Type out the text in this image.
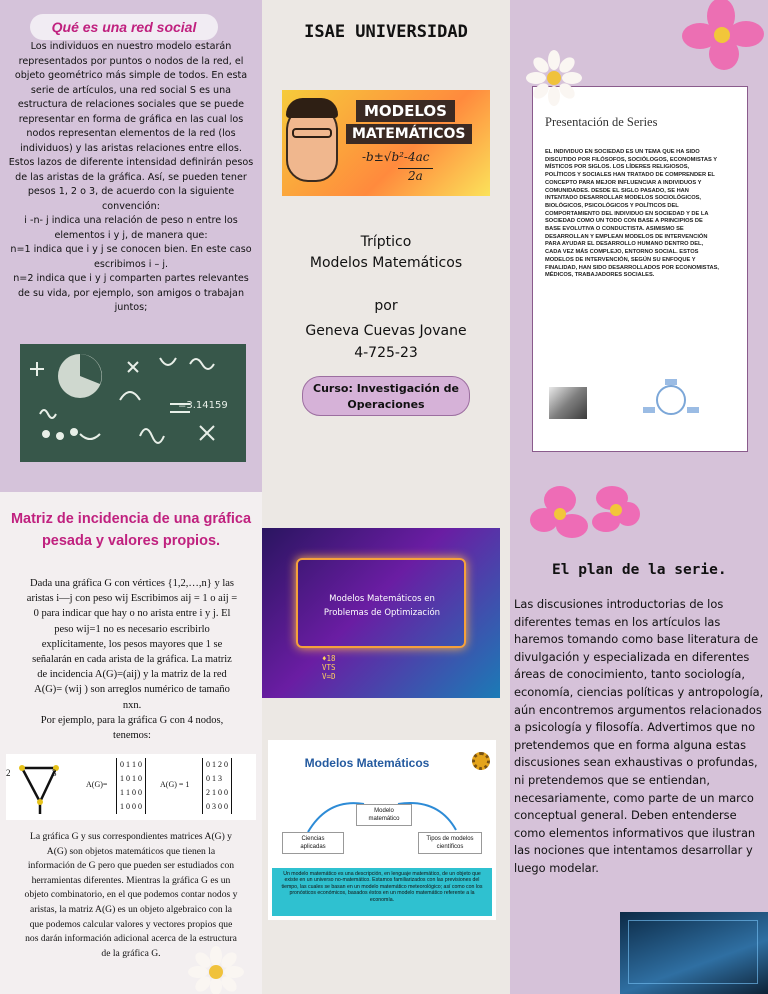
Qué es una red social
Los individuos en nuestro modelo estarán
representados por puntos o nodos de la red, el
objeto geométrico más simple de todos. En esta
serie de artículos, una red social S es una
estructura de relaciones sociales que se puede
representar en forma de gráfica en las cual los
nodos representan elementos de la red (los
individuos) y las aristas relaciones entre ellos.
Estos lazos de diferente intensidad definirán pesos
de las aristas de la gráfica. Así, se pueden tener
pesos 1, 2 o 3, de acuerdo con la siguiente
convención:
i -n- j indica una relación de peso n entre los
elementos i y j, de manera que:
n=1 indica que i y j se conocen bien. En este caso
escribimos i – j.
n=2 indica que i y j comparten partes relevantes
de su vida, por ejemplo, son amigos o trabajan
juntos;
=3.14159
Matriz de incidencia de una gráfica
pesada y valores propios.
Dada una gráfica G con vértices {1,2,…,n} y las
aristas i—j con peso wij Escribimos aij = 1 o aij =
0 para indicar que hay o no arista entre i y j. El
peso wij=1 no es necesario escribirlo
explícitamente, los pesos mayores que 1 se
señalarán en cada arista de la gráfica. La matriz
de incidencia A(G)=(aij) y la matriz de la red
A(G)= (wij ) son arreglos numérico de tamaño
nxn.
Por ejemplo, para la gráfica G con 4 nodos,
tenemos:
2	3
A(G)=
0 1 1 0
1 0 1 0
1 1 0 0
1 0 0 0
A(G) = 1
0 1 2 0
0 1 3
2 1 0 0
0 3 0 0
La gráfica G y sus correspondientes matrices A(G) y
A(G) son objetos matemáticos que tienen la
información de G pero que pueden ser estudiados con
herramientas diferentes. Mientras la gráfica G es un
objeto combinatorio, en el que podemos contar nodos y
aristas, la matriz A(G) es un objeto algebraico con la
que podemos calcular valores y vectores propios que
nos darán información adicional acerca de la estructura
de la gráfica G.
ISAE UNIVERSIDAD
MODELOS
MATEMÁTICOS
-b±√b²-4ac
2a
Tríptico
Modelos Matemáticos
por
Geneva Cuevas Jovane
4-725-23
Curso: Investigación de
Operaciones
Modelos Matemáticos en
Problemas de Optimización
♦18
VTS
V=D
Modelos Matemáticos
Modelo
matemático
Ciencias
aplicadas
Tipos de modelos
científicos
Un modelo matemático es una descripción, en lenguaje matemático, de un objeto que existe en un universo no-matemático. Estamos familiarizados con las previsiones del tiempo, las cuales se basan en un modelo matemático meteorológico; así como con los pronósticos económicos, basados éstos en un modelo matemático referente a la economía.
Presentación de Series
EL INDIVIDUO EN SOCIEDAD ES UN TEMA QUE HA SIDO DISCUTIDO POR FILÓSOFOS, SOCIÓLOGOS, ECONOMISTAS Y MÍSTICOS POR SIGLOS. LOS LÍDERES RELIGIOSOS, POLÍTICOS Y SOCIALES HAN TRATADO DE COMPRENDER EL CONCEPTO PARA MEJOR INFLUENCIAR A INDIVIDUOS Y COMUNIDADES. DESDE EL SIGLO PASADO, SE HAN INTENTADO DESARROLLAR MODELOS SOCIOLÓGICOS, BIOLÓGICOS, PSICOLÓGICOS Y POLÍTICOS DEL COMPORTAMIENTO DEL INDIVIDUO EN SOCIEDAD Y DE LA SOCIEDAD COMO UN TODO CON BASE A PRINCIPIOS DE BASE EVOLUTIVA O CONDUCTISTA. ASIMISMO SE DESARROLLAN Y EMPLEAN MODELOS DE INTERVENCIÓN PARA AYUDAR EL DESARROLLO HUMANO DENTRO DEL, CADA VEZ MÁS COMPLEJO, ENTORNO SOCIAL. ESTOS MODELOS DE INTERVENCIÓN, SEGÚN SU ENFOQUE Y FINALIDAD, HAN SIDO DESARROLLADOS POR ECONOMISTAS, MÉDICOS, TRABAJADORES SOCIALES.
El plan de la serie.
Las discusiones introductorias de los diferentes temas en los artículos las haremos tomando como base literatura de divulgación y especializada en diferentes áreas de conocimiento, tanto sociología, economía, ciencias políticas y antropología, aún encontremos argumentos relacionados a psicología y filosofía. Advertimos que no pretendemos que en forma alguna estas discusiones sean exhaustivas o profundas, ni pretendemos que se entiendan, necesariamente, como parte de un marco conceptual general. Deben entenderse como elementos informativos que ilustran las nociones que intentamos desarrollar y luego modelar.
